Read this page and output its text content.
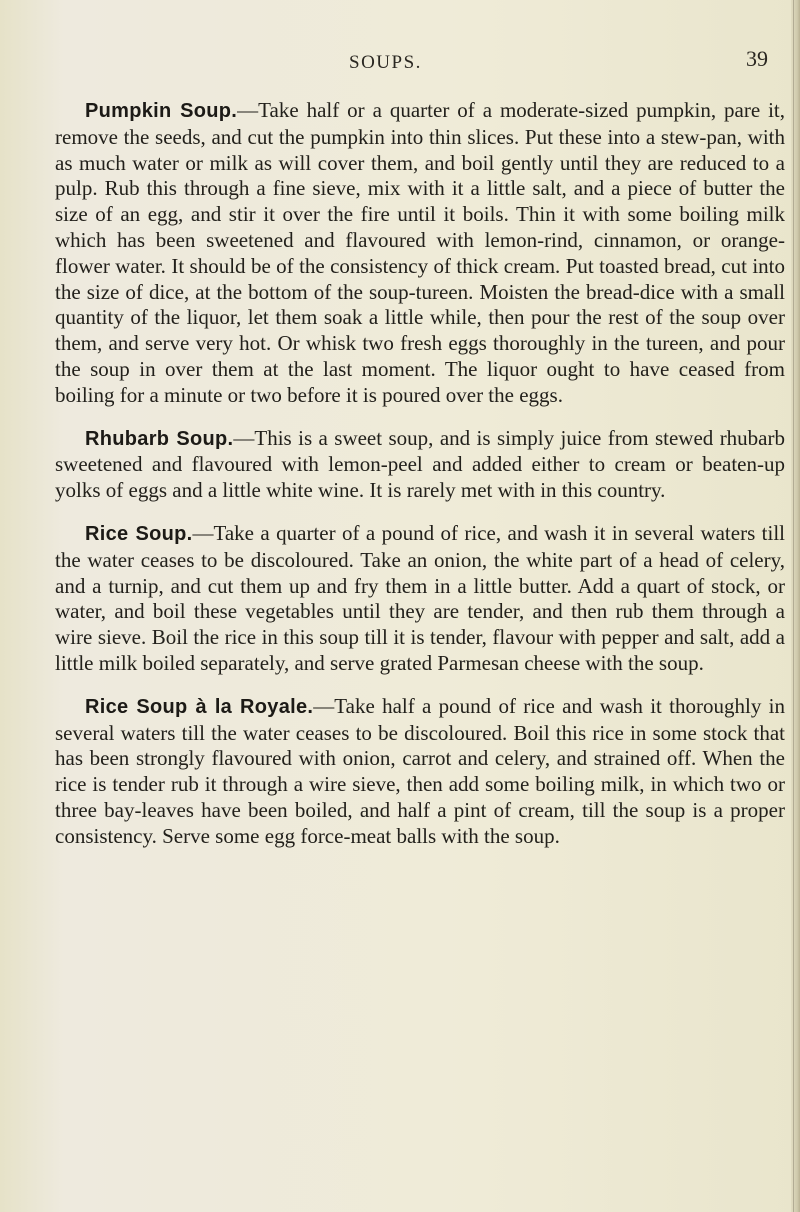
SOUPS.	39

Pumpkin Soup.—Take half or a quarter of a moderate-sized pumpkin, pare it, remove the seeds, and cut the pumpkin into thin slices. Put these into a stew-pan, with as much water or milk as will cover them, and boil gently until they are reduced to a pulp. Rub this through a fine sieve, mix with it a little salt, and a piece of butter the size of an egg, and stir it over the fire until it boils. Thin it with some boiling milk which has been sweetened and flavoured with lemon-rind, cinnamon, or orange-flower water. It should be of the consistency of thick cream. Put toasted bread, cut into the size of dice, at the bottom of the soup-tureen. Moisten the bread-dice with a small quantity of the liquor, let them soak a little while, then pour the rest of the soup over them, and serve very hot. Or whisk two fresh eggs thoroughly in the tureen, and pour the soup in over them at the last moment. The liquor ought to have ceased from boiling for a minute or two before it is poured over the eggs.

Rhubarb Soup.—This is a sweet soup, and is simply juice from stewed rhubarb sweetened and flavoured with lemon-peel and added either to cream or beaten-up yolks of eggs and a little white wine. It is rarely met with in this country.

Rice Soup.—Take a quarter of a pound of rice, and wash it in several waters till the water ceases to be discoloured. Take an onion, the white part of a head of celery, and a turnip, and cut them up and fry them in a little butter. Add a quart of stock, or water, and boil these vegetables until they are tender, and then rub them through a wire sieve. Boil the rice in this soup till it is tender, flavour with pepper and salt, add a little milk boiled separately, and serve grated Parmesan cheese with the soup.

Rice Soup à la Royale.—Take half a pound of rice and wash it thoroughly in several waters till the water ceases to be discoloured. Boil this rice in some stock that has been strongly flavoured with onion, carrot and celery, and strained off. When the rice is tender rub it through a wire sieve, then add some boiling milk, in which two or three bay-leaves have been boiled, and half a pint of cream, till the soup is a proper consistency. Serve some egg force-meat balls with the soup.
